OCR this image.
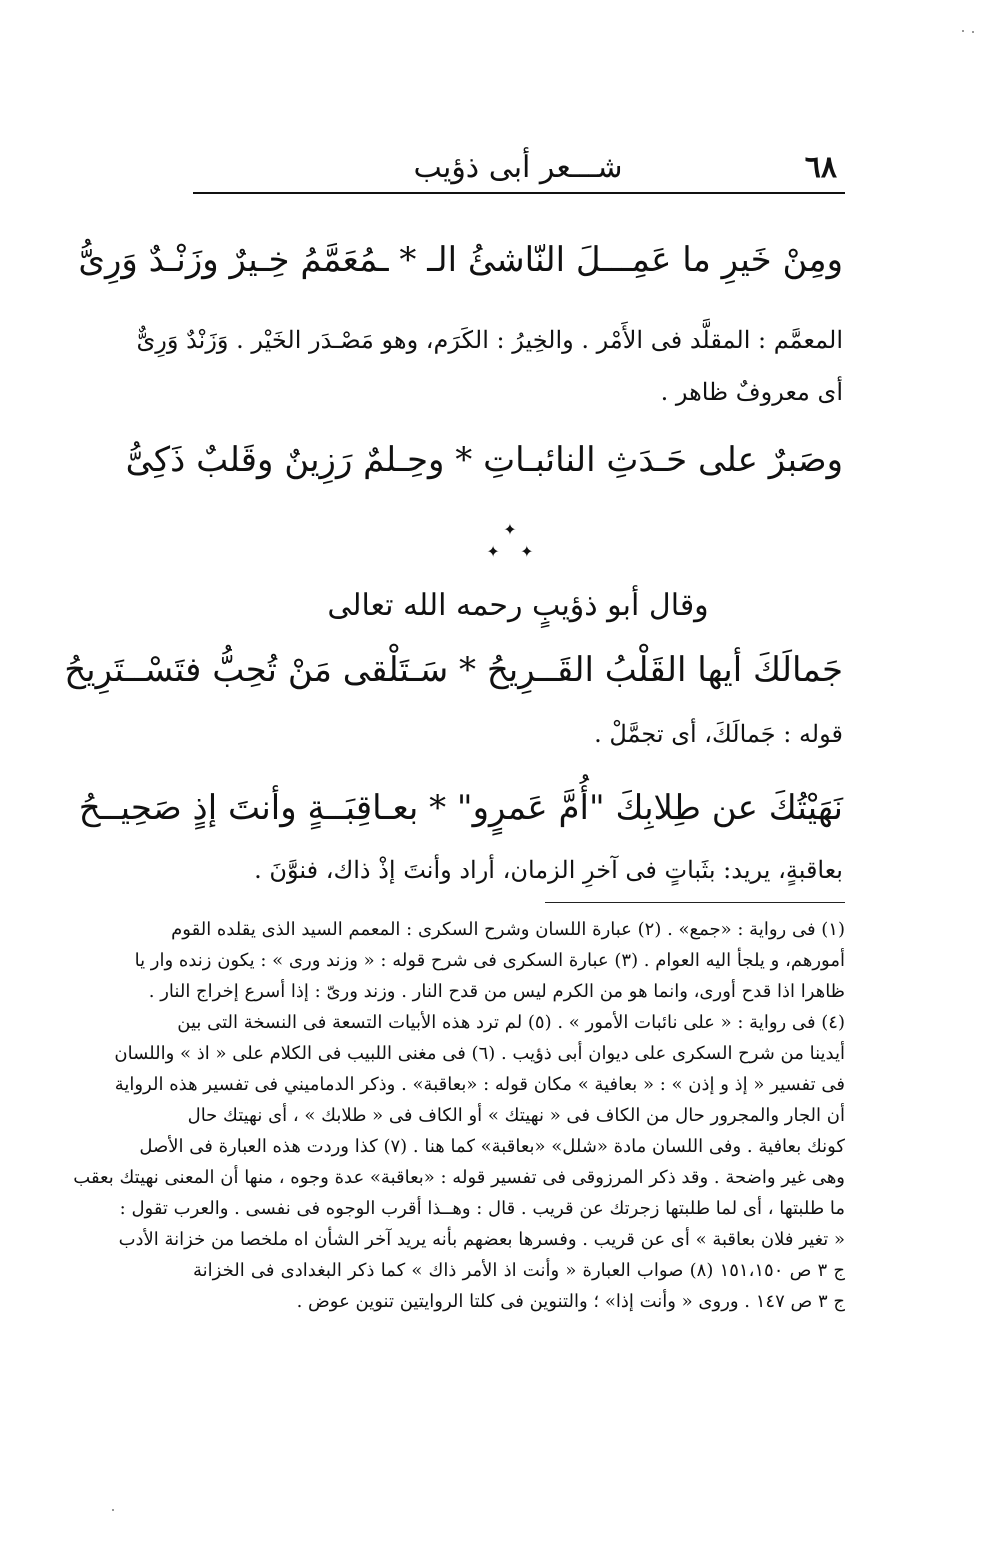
٦٨
شـــعر أبى ذؤيب
ومِنْ خَيرِ ما عَمِـــلَ النّاشئُ الـ * ـمُعَمَّمُ خِـيرٌ وزَنْـدٌ وَرِىُّ
المعمَّم : المقلَّد فى الأَمْر . والخِيرُ : الكَرَم، وهو مَصْـدَر الخَيْر . وَزَنْدٌ وَرِىٌّ
أى معروفٌ ظاهر .
وصَبرٌ على حَـدَثِ النائبـاتِ * وحِـلمٌ رَزِينٌ وقَلبٌ ذَكِىُّ
✦
✦ ✦
وقال أبو ذؤيبٍ رحمه الله تعالى
جَمالَكَ أيها القَلْبُ القَــرِيحُ * سَـتَلْقى مَنْ تُحِبُّ فتَسْــتَرِيحُ
قوله : جَمالَكَ، أى تجمَّلْ .
نَهَيْتُكَ عن طِلابِكَ "أُمَّ عَمرٍو" * بعـاقِبَــةٍ وأنتَ إذٍ صَحِيــحُ
بعاقبةٍ، يريد: بثَباتٍ فى آخرِ الزمان، أراد وأنتَ إذْ ذاك، فنوَّنَ .
(١) فى رواية : «جمع» . (٢) عبارة اللسان وشرح السكرى : المعمم السيد الذى يقلده القوم
أمورهم، و يلجأ اليه العوام . (٣) عبارة السكرى فى شرح قوله : « وزند ورى » : يكون زنده وار يا
ظاهرا اذا قدح أورى، وانما هو من الكرم ليس من قدح النار . وزند ورىّ : إذا أسرع إخراج النار .
(٤) فى رواية : « على نائبات الأمور » . (٥) لم ترد هذه الأبيات التسعة فى النسخة التى بين
أيدينا من شرح السكرى على ديوان أبى ذؤيب . (٦) فى مغنى اللبيب فى الكلام على « اذ » واللسان
فى تفسير « إذ و إذن » : « بعافية » مكان قوله : «بعاقبة» . وذكر الدماميني فى تفسير هذه الرواية
أن الجار والمجرور حال من الكاف فى « نهيتك » أو الكاف فى « طلابك » ، أى نهيتك حال
كونك بعافية . وفى اللسان مادة «شلل» «بعاقبة» كما هنا . (٧) كذا وردت هذه العبارة فى الأصل
وهى غير واضحة . وقد ذكر المرزوقى فى تفسير قوله : «بعاقبة» عدة وجوه ، منها أن المعنى نهيتك بعقب
ما طلبتها ، أى لما طلبتها زجرتك عن قريب . قال : وهــذا أقرب الوجوه فى نفسى . والعرب تقول :
« تغير فلان بعاقبة » أى عن قريب . وفسرها بعضهم بأنه يريد آخر الشأن اه ملخصا من خزانة الأدب
ج ٣ ص ١٥١،١٥٠ (٨) صواب العبارة « وأنت اذ الأمر ذاك » كما ذكر البغدادى فى الخزانة
ج ٣ ص ١٤٧ . وروى « وأنت إذا» ؛ والتنوين فى كلتا الروايتين تنوين عوض .
